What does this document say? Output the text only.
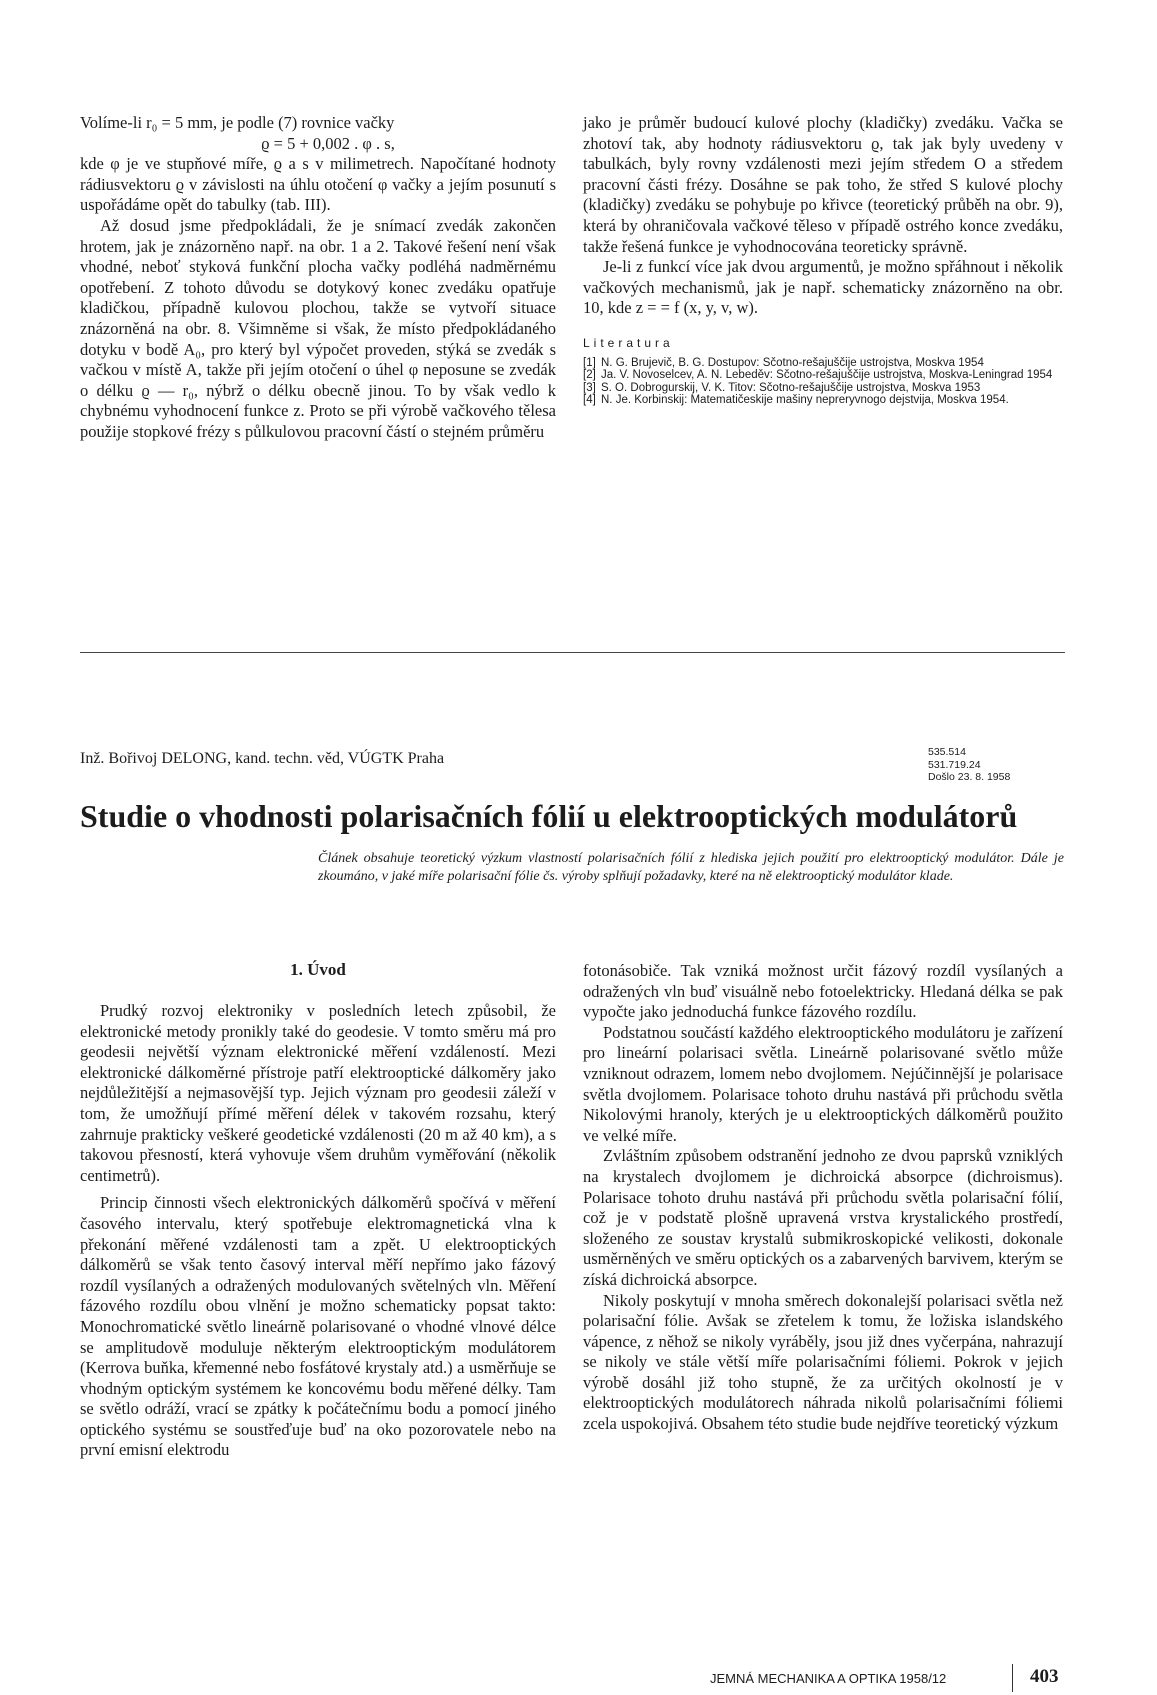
Volíme-li r₀ = 5 mm, je podle (7) rovnice vačky

ϱ = 5 + 0,002 . φ . s,

kde φ je ve stupňové míře, ϱ a s v milimetrech. Napočítané hodnoty rádiusvektoru ϱ v závislosti na úhlu otočení φ vačky a jejím posunutí s uspořádáme opět do tabulky (tab. III).

Až dosud jsme předpokládali, že je snímací zvedák zakončen hrotem, jak je znázorněno např. na obr. 1 a 2. Takové řešení není však vhodné, neboť styková funkční plocha vačky podléhá nadměrnému opotřebení. Z tohoto důvodu se dotykový konec zvedáku opatřuje kladičkou, případně kulovou plochou, takže se vytvoří situace znázorněná na obr. 8. Všimněme si však, že místo předpokládaného dotyku v bodě A₀, pro který byl výpočet proveden, stýká se zvedák s vačkou v místě A, takže při jejím otočení o úhel φ neposune se zvedák o délku ϱ — r₀, nýbrž o délku obecně jinou. To by však vedlo k chybnému vyhodnocení funkce z. Proto se při výrobě vačkového tělesa použije stopkové frézy s půlkulovou pracovní částí o stejném průměru

jako je průměr budoucí kulové plochy (kladičky) zvedáku. Vačka se zhotoví tak, aby hodnoty rádiusvektoru ϱ, tak jak byly uvedeny v tabulkách, byly rovny vzdálenosti mezi jejím středem O a středem pracovní části frézy. Dosáhne se pak toho, že střed S kulové plochy (kladičky) zvedáku se pohybuje po křivce (teoretický průběh na obr. 9), která by ohraničovala vačkové těleso v případě ostrého konce zvedáku, takže řešená funkce je vyhodnocována teoreticky správně.

Je-li z funkcí více jak dvou argumentů, je možno spřáhnout i několik vačkových mechanismů, jak je např. schematicky znázorněno na obr. 10, kde z = = f (x, y, v, w).

Literatura
[1] N. G. Brujevič, B. G. Dostupov: Sčotno-rešajuščije ustrojstva, Moskva 1954
[2] Ja. V. Novoselcev, A. N. Lebeděv: Sčotno-rešajuščije ustrojstva, Moskva-Leningrad 1954
[3] S. O. Dobrogurskij, V. K. Titov: Sčotno-rešajuščije ustrojstva, Moskva 1953
[4] N. Je. Korbinskij: Matematičeskije mašiny nepreryvnogo dejstvija, Moskva 1954.
Inž. Bořivoj DELONG, kand. techn. věd, VÚGTK Praha	535.514
531.719.24
Došlo 23. 8. 1958
Studie o vhodnosti polarisačních fólií u elektrooptických modulátorů
Článek obsahuje teoretický výzkum vlastností polarisačních fólií z hlediska jejich použití pro elektrooptický modulátor. Dále je zkoumáno, v jaké míře polarisační fólie čs. výroby splňují požadavky, které na ně elektrooptický modulátor klade.
1. Úvod

Prudký rozvoj elektroniky v posledních letech způsobil, že elektronické metody pronikly také do geodesie. V tomto směru má pro geodesii největší význam elektronické měření vzdáleností. Mezi elektronické dálkoměrné přístroje patří elektrooptické dálkoměry jako nejdůležitější a nejmasovější typ. Jejich význam pro geodesii záleží v tom, že umožňují přímé měření délek v takovém rozsahu, který zahrnuje prakticky veškeré geodetické vzdálenosti (20 m až 40 km), a s takovou přesností, která vyhovuje všem druhům vyměřování (několik centimetrů).

Princip činnosti všech elektronických dálkoměrů spočívá v měření časového intervalu, který spotřebuje elektromagnetická vlna k překonání měřené vzdálenosti tam a zpět. U elektrooptických dálkoměrů se však tento časový interval měří nepřímo jako fázový rozdíl vysílaných a odražených modulovaných světelných vln. Měření fázového rozdílu obou vlnění je možno schematicky popsat takto: Monochromatické světlo lineárně polarisované o vhodné vlnové délce se amplitudově moduluje některým elektrooptickým modulátorem (Kerrova buňka, křemenné nebo fosfátové krystaly atd.) a usměrňuje se vhodným optickým systémem ke koncovému bodu měřené délky. Tam se světlo odráží, vrací se zpátky k počátečnímu bodu a pomocí jiného optického systému se soustřeďuje buď na oko pozorovatele nebo na první emisní elektrodu

fotonásobiče. Tak vzniká možnost určit fázový rozdíl vysílaných a odražených vln buď visuálně nebo fotoelektricky. Hledaná délka se pak vypočte jako jednoduchá funkce fázového rozdílu.

Podstatnou součástí každého elektrooptického modulátoru je zařízení pro lineární polarisaci světla. Lineárně polarisované světlo může vzniknout odrazem, lomem nebo dvojlomem. Nejúčinnější je polarisace světla dvojlomem. Polarisace tohoto druhu nastává při průchodu světla Nikolovými hranoly, kterých je u elektrooptických dálkoměrů použito ve velké míře.

Zvláštním způsobem odstranění jednoho ze dvou paprsků vzniklých na krystalech dvojlomem je dichroická absorpce (dichroismus). Polarisace tohoto druhu nastává při průchodu světla polarisační fólií, což je v podstatě plošně upravená vrstva krystalického prostředí, složeného ze soustav krystalů submikroskopické velikosti, dokonale usměrněných ve směru optických os a zabarvených barvivem, kterým se získá dichroická absorpce.

Nikoly poskytují v mnoha směrech dokonalejší polarisaci světla než polarisační fólie. Avšak se zřetelem k tomu, že ložiska islandského vápence, z něhož se nikoly vyráběly, jsou již dnes vyčerpána, nahrazují se nikoly ve stále větší míře polarisačními fóliemi. Pokrok v jejich výrobě dosáhl již toho stupně, že za určitých okolností je v elektrooptických modulátorech náhrada nikolů polarisačními fóliemi zcela uspokojivá. Obsahem této studie bude nejdříve teoretický výzkum

JEMNÁ MECHANIKA A OPTIKA 1958/12	403
